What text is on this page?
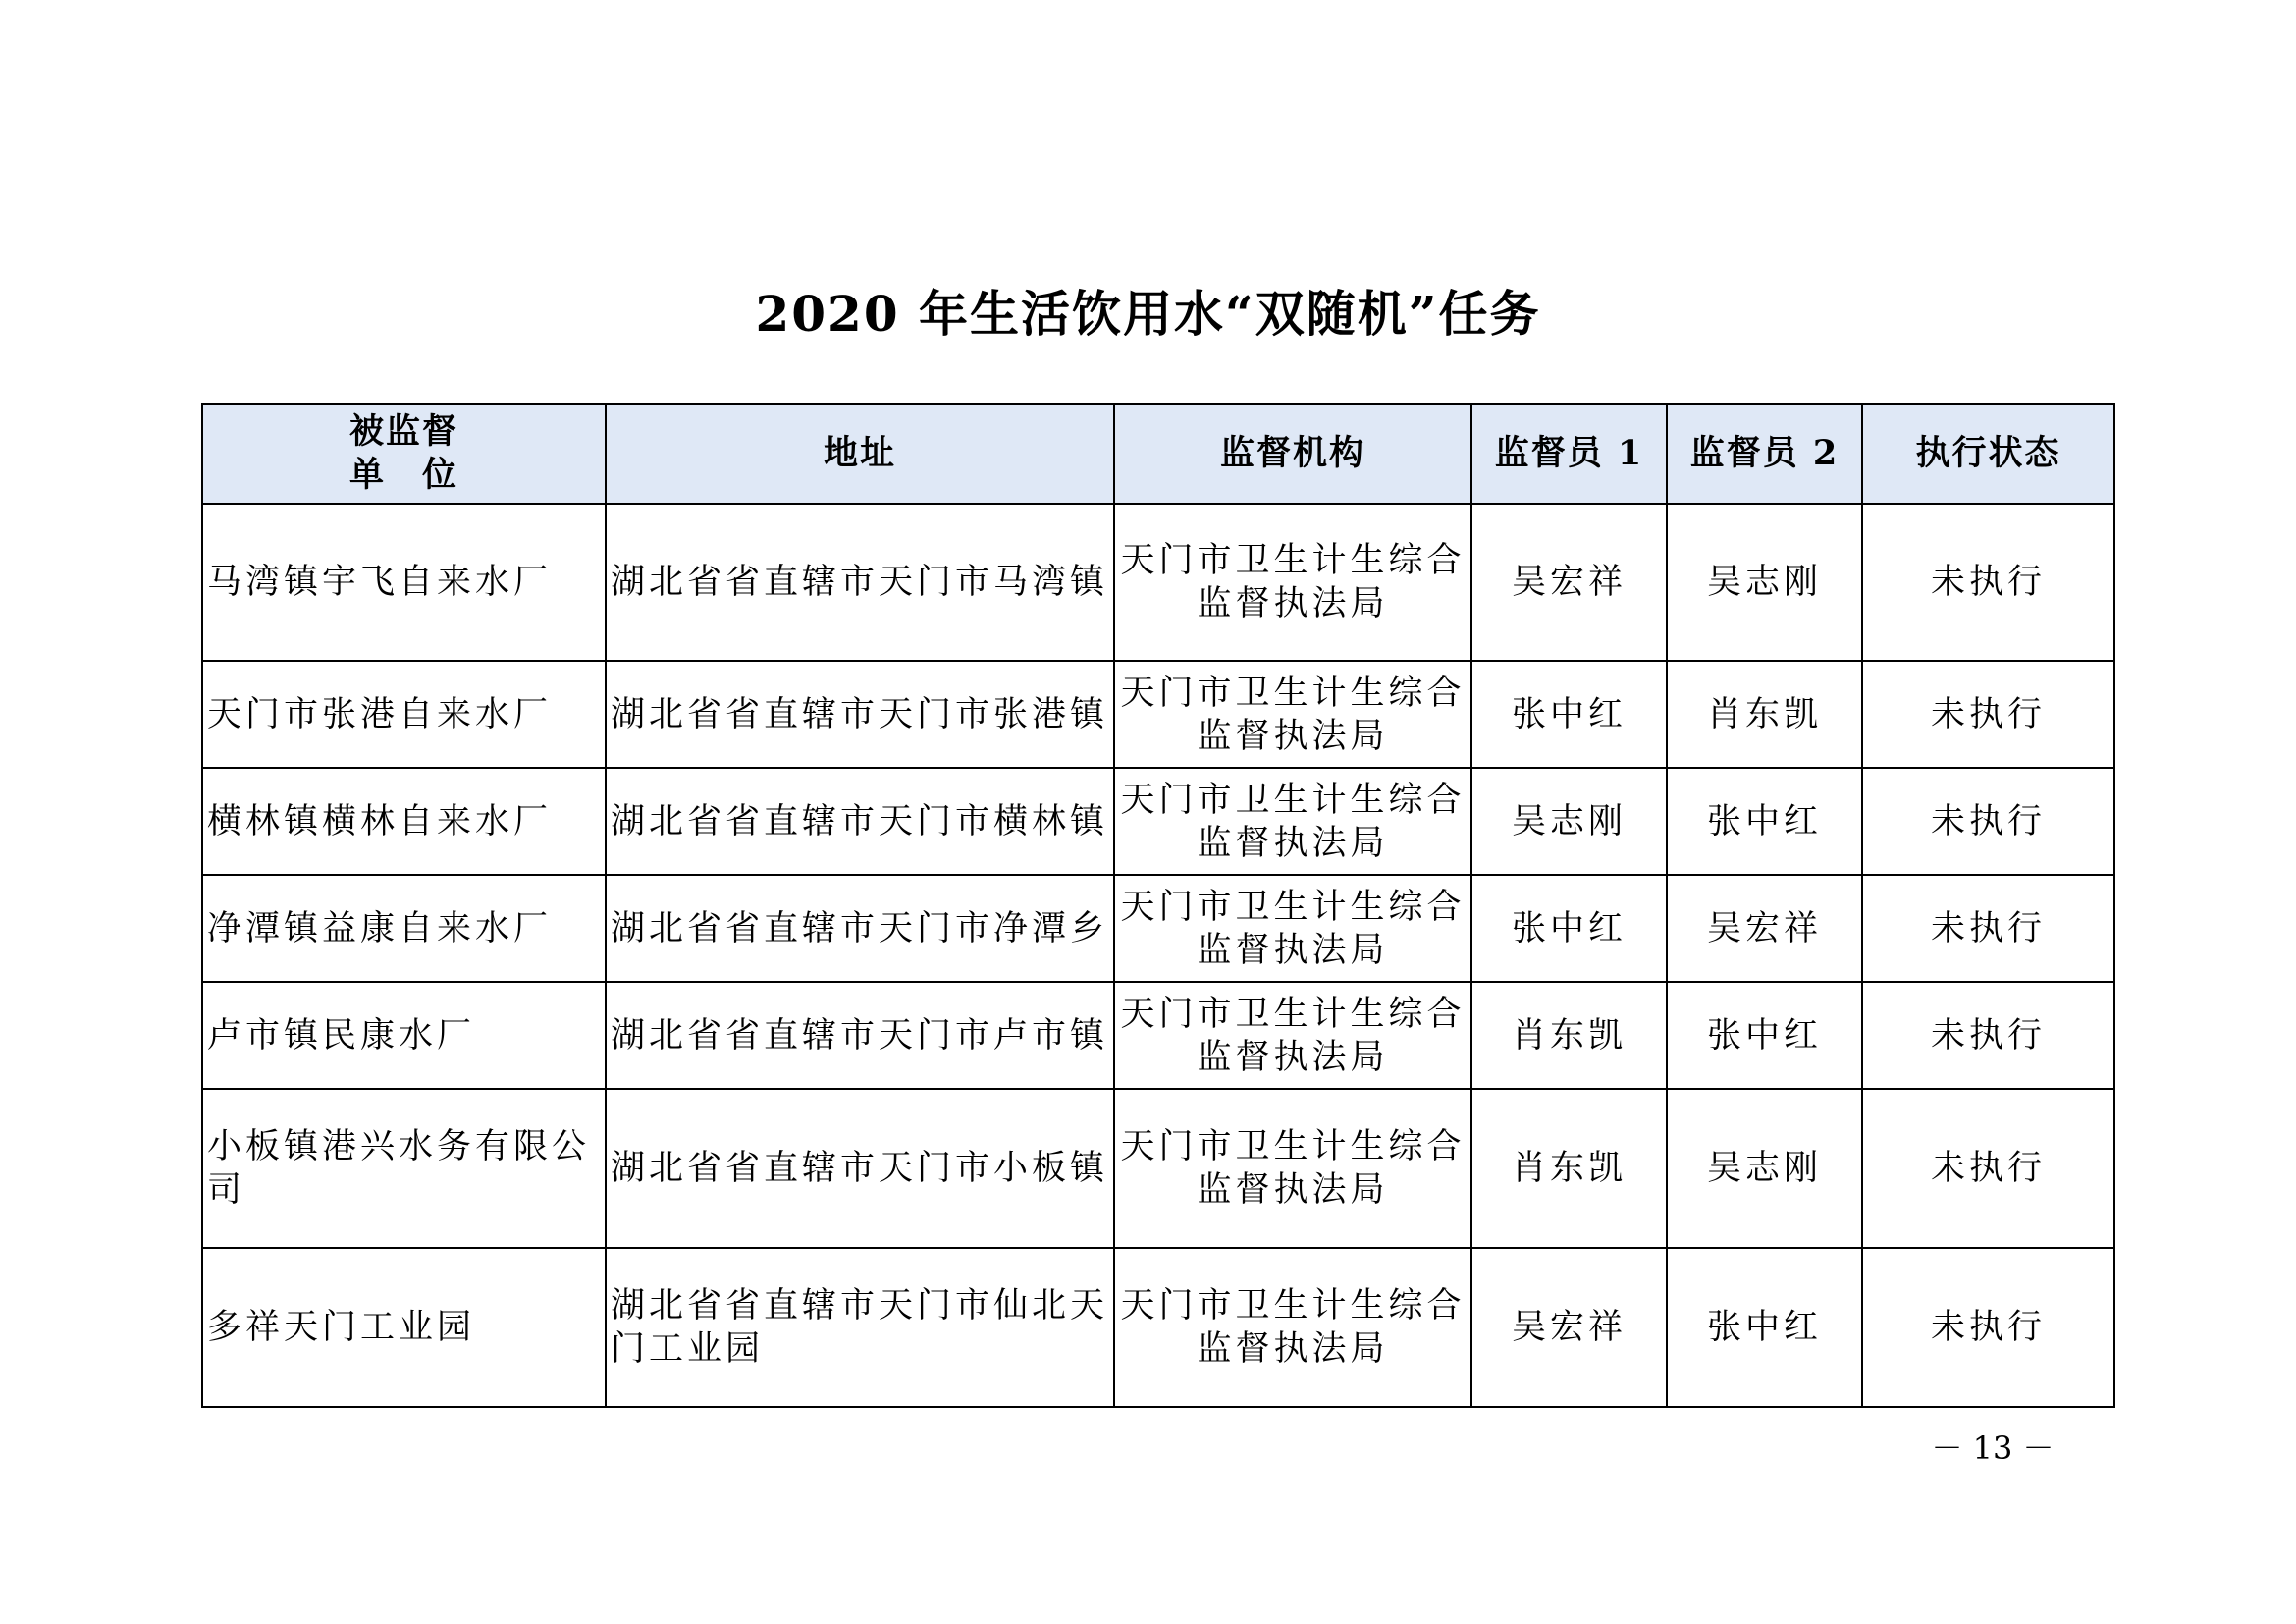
2020 年生活饮用水“双随机”任务
被监督
单　位	地址	监督机构	监督员 1	监督员 2	执行状态
马湾镇宇飞自来水厂	湖北省省直辖市天门市马湾镇	天门市卫生计生综合监督执法局	吴宏祥	吴志刚	未执行
天门市张港自来水厂	湖北省省直辖市天门市张港镇	天门市卫生计生综合监督执法局	张中红	肖东凯	未执行
横林镇横林自来水厂	湖北省省直辖市天门市横林镇	天门市卫生计生综合监督执法局	吴志刚	张中红	未执行
净潭镇益康自来水厂	湖北省省直辖市天门市净潭乡	天门市卫生计生综合监督执法局	张中红	吴宏祥	未执行
卢市镇民康水厂	湖北省省直辖市天门市卢市镇	天门市卫生计生综合监督执法局	肖东凯	张中红	未执行
小板镇港兴水务有限公司	湖北省省直辖市天门市小板镇	天门市卫生计生综合监督执法局	肖东凯	吴志刚	未执行
多祥天门工业园	湖北省省直辖市天门市仙北天门工业园	天门市卫生计生综合监督执法局	吴宏祥	张中红	未执行
－ 13 －
